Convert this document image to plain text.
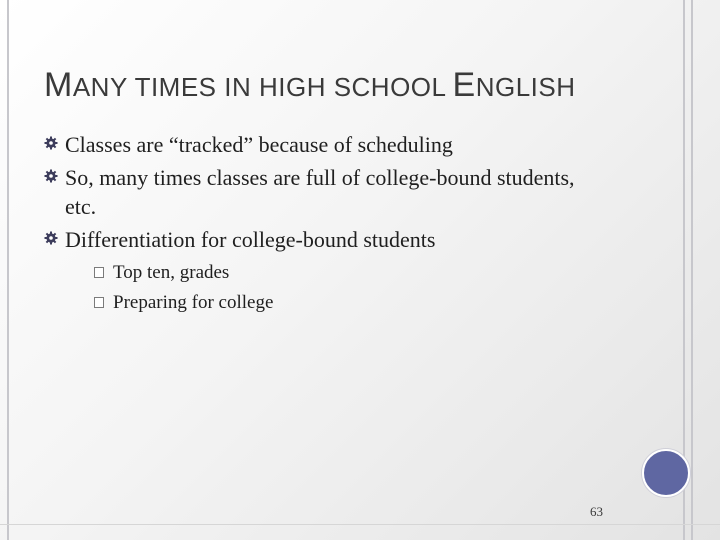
MANY TIMES IN HIGH SCHOOL ENGLISH
Classes are “tracked” because of scheduling
So, many times classes are full of college-bound students, etc.
Differentiation for college-bound students
Top ten, grades
Preparing for college
63
